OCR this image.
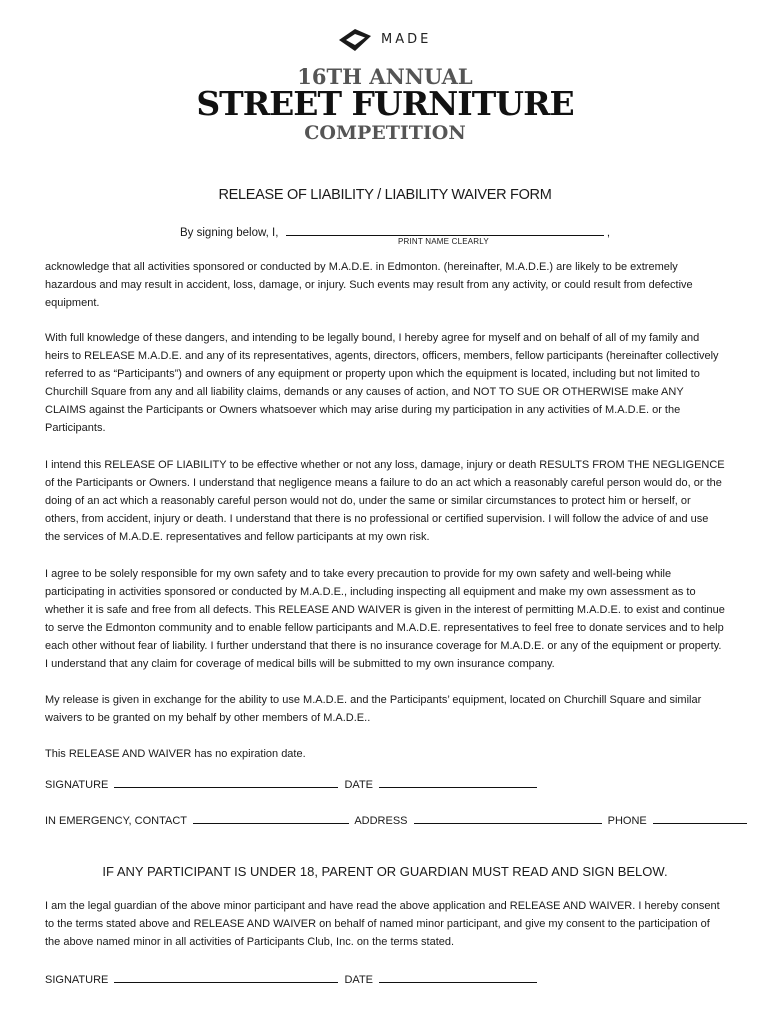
MADE
16TH ANNUAL
STREET FURNITURE
COMPETITION
RELEASE OF LIABILITY / LIABILITY WAIVER FORM
By signing below, I,	,
PRINT NAME CLEARLY

acknowledge that all activities sponsored or conducted by M.A.D.E. in Edmonton. (hereinafter, M.A.D.E.) are likely to be extremely hazardous and may result in accident, loss, damage, or injury. Such events may result from any activity, or could result from defective equipment.

With full knowledge of these dangers, and intending to be legally bound, I hereby agree for myself and on behalf of all of my family and heirs to RELEASE M.A.D.E. and any of its representatives, agents, directors, officers, members, fellow participants (hereinafter collectively referred to as “Participants”) and owners of any equipment or property upon which the equipment is located, including but not limited to Churchill Square from any and all liability claims, demands or any causes of action, and NOT TO SUE OR OTHERWISE make ANY CLAIMS against the Participants or Owners whatsoever which may arise during my participation in any activities of M.A.D.E. or the Participants.

I intend this RELEASE OF LIABILITY to be effective whether or not any loss, damage, injury or death RESULTS FROM THE NEGLIGENCE of the Participants or Owners. I understand that negligence means a failure to do an act which a reasonably careful person would do, or the doing of an act which a reasonably careful person would not do, under the same or similar circumstances to protect him or herself, or others, from accident, injury or death. I understand that there is no professional or certified supervision. I will follow the advice of and use the services of M.A.D.E. representatives and fellow participants at my own risk.

I agree to be solely responsible for my own safety and to take every precaution to provide for my own safety and well-being while participating in activities sponsored or conducted by M.A.D.E., including inspecting all equipment and make my own assessment as to whether it is safe and free from all defects. This RELEASE AND WAIVER is given in the interest of permitting M.A.D.E. to exist and continue to serve the Edmonton community and to enable fellow participants and M.A.D.E. representatives to feel free to donate services and to help each other without fear of liability. I further understand that there is no insurance coverage for M.A.D.E. or any of the equipment or property. I understand that any claim for coverage of medical bills will be submitted to my own insurance company.

My release is given in exchange for the ability to use M.A.D.E. and the Participants’ equipment, located on Churchill Square and similar waivers to be granted on my behalf by other members of M.A.D.E..

This RELEASE AND WAIVER has no expiration date.

SIGNATURE	DATE
IN EMERGENCY, CONTACT	ADDRESS	PHONE
IF ANY PARTICIPANT IS UNDER 18, PARENT OR GUARDIAN MUST READ AND SIGN BELOW.

I am the legal guardian of the above minor participant and have read the above application and RELEASE AND WAIVER. I hereby consent to the terms stated above and RELEASE AND WAIVER on behalf of named minor participant, and give my consent to the participation of the above named minor in all activities of Participants Club, Inc. on the terms stated.

SIGNATURE	DATE
